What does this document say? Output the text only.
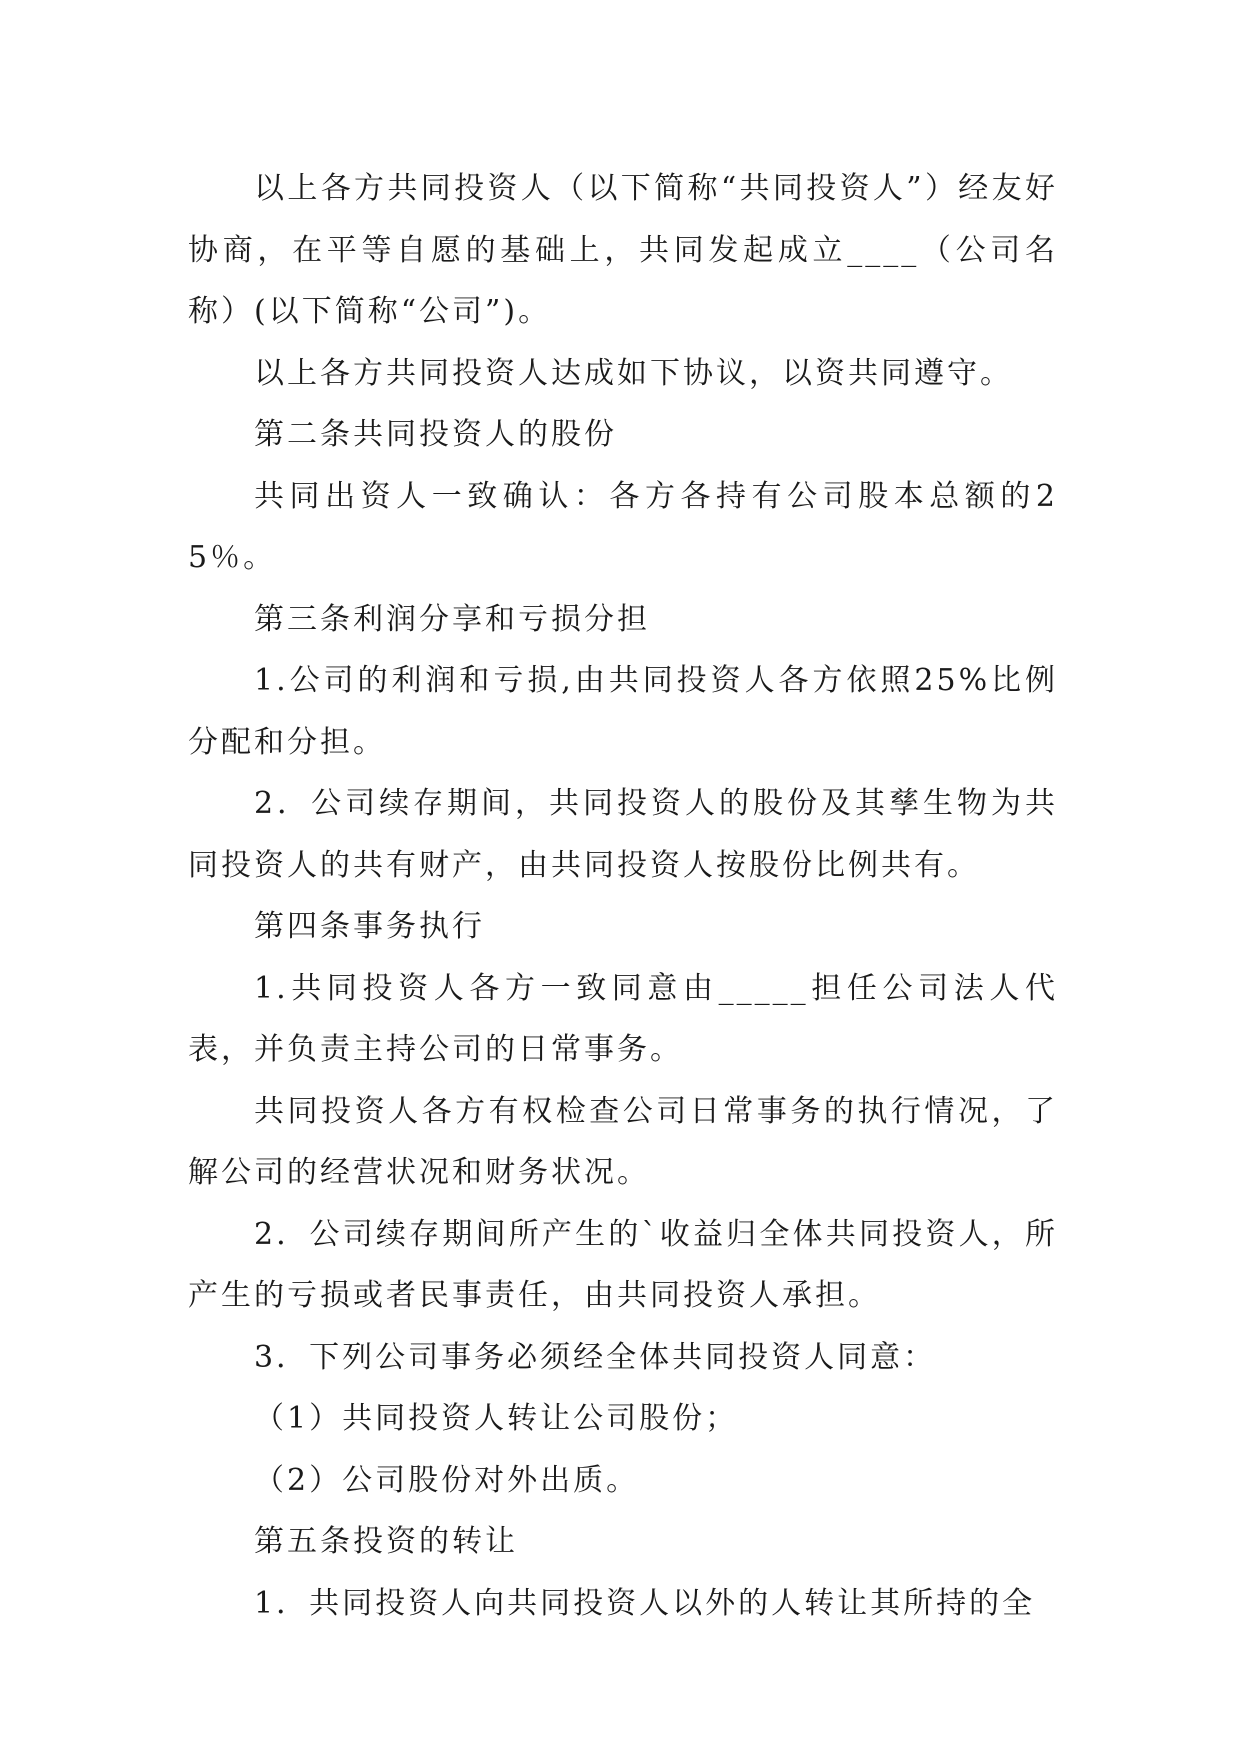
以上各方共同投资人（以下简称“共同投资人”）经友好协商，在平等自愿的基础上，共同发起成立____（公司名称）(以下简称“公司”)。

以上各方共同投资人达成如下协议，以资共同遵守。

第二条共同投资人的股份

共同出资人一致确认：各方各持有公司股本总额的25％。

第三条利润分享和亏损分担

1.公司的利润和亏损,由共同投资人各方依照25%比例分配和分担。

2．公司续存期间，共同投资人的股份及其孳生物为共同投资人的共有财产，由共同投资人按股份比例共有。

第四条事务执行

1.共同投资人各方一致同意由_____担任公司法人代表，并负责主持公司的日常事务。

共同投资人各方有权检查公司日常事务的执行情况，了解公司的经营状况和财务状况。

2．公司续存期间所产生的`收益归全体共同投资人，所产生的亏损或者民事责任，由共同投资人承担。

3．下列公司事务必须经全体共同投资人同意：

（1）共同投资人转让公司股份；

（2）公司股份对外出质。

第五条投资的转让

1．共同投资人向共同投资人以外的人转让其所持的全
